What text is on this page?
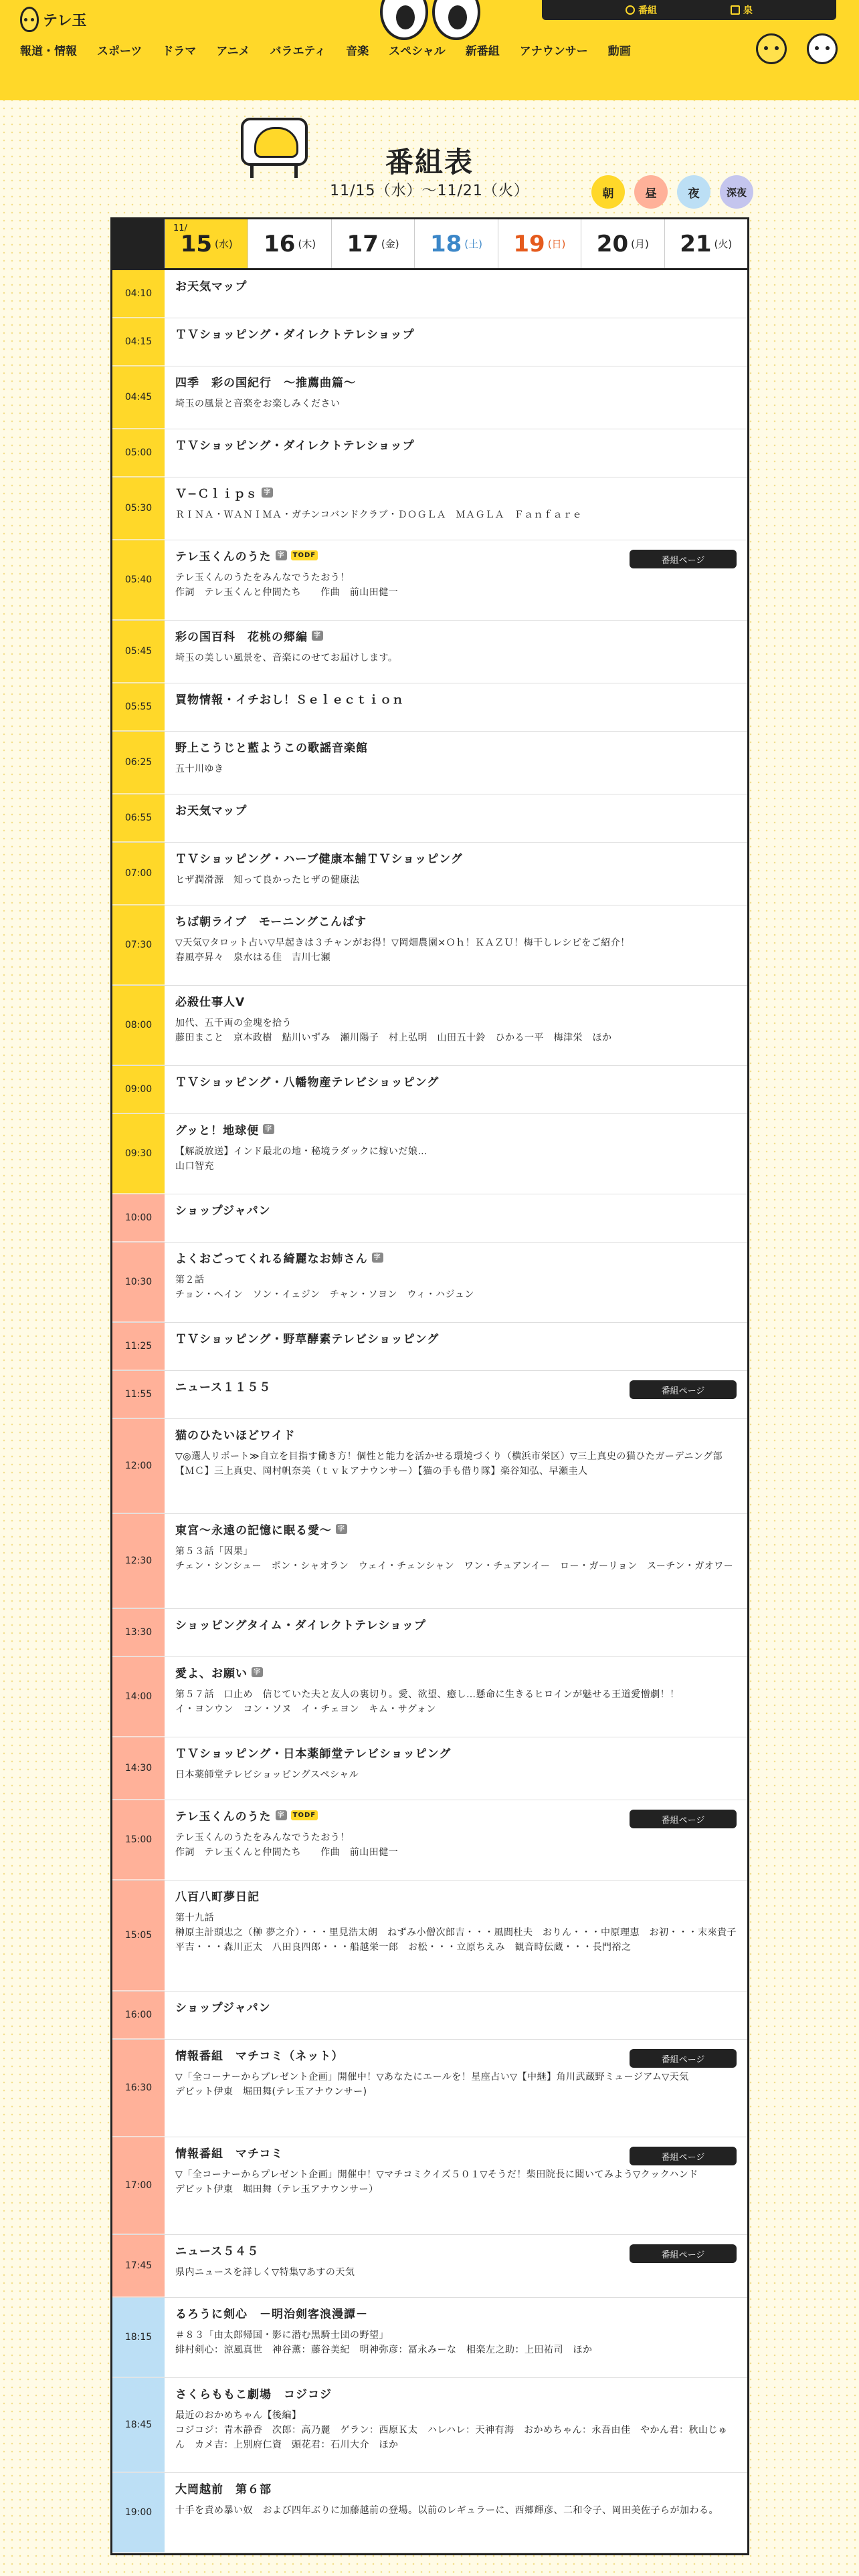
テレ玉
番組	泉
報道・情報	スポーツ	ドラマ	アニメ	バラエティ	音楽	スペシャル	新番組	アナウンサー	動画
番組表
11/15（水）〜11/21（火）	朝	昼	夜	深夜
11/
15 (水) 16 (木) 17 (金) 18 (土) 19 (日) 20 (月) 21 (火)
04:10	お天気マップ
04:15	ＴＶショッピング・ダイレクトテレショップ
04:45
四季　彩の国紀行　〜推薦曲篇〜
埼玉の風景と音楽をお楽しみください
05:00	ＴＶショッピング・ダイレクトテレショップ
05:30
Ｖ−Ｃｌｉｐｓ 字
ＲＩＮＡ・ＷＡＮＩＭＡ・ガチンコバンドクラブ・ＤＯＧＬＡ　ＭＡＧＬＡ　Ｆａｎｆａｒｅ
05:40
テレ玉くんのうた 字	TODF
テレ玉くんのうたをみんなでうたおう！
作詞　テレ玉くんと仲間たち　　作曲　前山田健一
番組ページ
05:45
彩の国百科　花桃の郷編 字
埼玉の美しい風景を、音楽にのせてお届けします。
05:55	買物情報・イチおし！Ｓｅｌｅｃｔｉｏｎ
06:25
野上こうじと藍ようこの歌謡音楽館
五十川ゆき
06:55	お天気マップ
07:00
ＴＶショッピング・ハーブ健康本舗ＴＶショッピング
ヒザ潤滑源　知って良かったヒザの健康法
07:30
ちば朝ライブ　モーニングこんぱす
▽天気▽タロット占い▽早起きは３チャンがお得！▽岡畑農園×Ｏｈ！ＫＡＺＵ！梅干しレシピをご紹介！
春風亭昇々　泉水はる佳　吉川七瀬
08:00
必殺仕事人Ⅴ
加代、五千両の金塊を拾う
藤田まこと　京本政樹　鮎川いずみ　瀬川陽子　村上弘明　山田五十鈴　ひかる一平　梅津栄　ほか
09:00	ＴＶショッピング・八幡物産テレビショッピング
09:30
グッと！地球便 字
【解説放送】インド最北の地・秘境ラダックに嫁いだ娘…
山口智充
10:00	ショップジャパン
10:30
よくおごってくれる綺麗なお姉さん 字
第２話
チョン・ヘイン　ソン・イェジン　チャン・ソヨン　ウィ・ハジュン
11:25	ＴＶショッピング・野草酵素テレビショッピング
11:55	ニュース１１５５	番組ページ
12:00
猫のひたいほどワイド
▽◎選人リポート≫自立を目指す働き方！個性と能力を活かせる環境づくり（横浜市栄区）▽三上真史の猫ひたガーデニング部
【ＭＣ】三上真史、岡村帆奈美（ｔｖｋアナウンサー）【猫の手も借り隊】楽谷知弘、早瀬圭人
12:30
東宮〜永遠の記憶に眠る愛〜 字
第５３話「因果」
チェン・シンシュー　ポン・シャオラン　ウェイ・チェンシャン　ワン・チュアンイー　ロー・ガーリョン　スーチン・ガオワー
13:30	ショッピングタイム・ダイレクトテレショップ
14:00
愛よ、お願い 字
第５７話　口止め　信じていた夫と友人の裏切り。愛、欲望、癒し…懸命に生きるヒロインが魅せる王道愛憎劇！！
イ・ヨンウン　コン・ソヌ　イ・チェヨン　キム・サグォン
14:30
ＴＶショッピング・日本薬師堂テレビショッピング
日本薬師堂テレビショッピングスペシャル
15:00
テレ玉くんのうた 字	TODF
テレ玉くんのうたをみんなでうたおう！
作詞　テレ玉くんと仲間たち　　作曲　前山田健一
番組ページ
15:05
八百八町夢日記
第十九話
榊原主計頭忠之（榊 夢之介）・・・里見浩太朗　ねずみ小僧次郎吉・・・風間杜夫　おりん・・・中原理恵　お初・・・末來貴子　平吉・・・森川正太　八田良四郎・・・船越栄一郎　お松・・・立原ちえみ　観音時伝蔵・・・長門裕之
16:00	ショップジャパン
16:30
情報番組　マチコミ（ネット）
▽「全コーナーからプレゼント企画」開催中！▽あなたにエールを！星座占い▽【中継】角川武蔵野ミュージアム▽天気
デビット伊東　堀田舞(テレ玉アナウンサー)
番組ページ
17:00
情報番組　マチコミ
▽「全コーナーからプレゼント企画」開催中！▽マチコミクイズ５０１▽そうだ！柴田院長に聞いてみよう▽クックハンド
デビット伊東　堀田舞（テレ玉アナウンサー）
番組ページ
17:45
ニュース５４５
県内ニュースを詳しく▽特集▽あすの天気
番組ページ
18:15
るろうに剣心　－明治剣客浪漫譚－
＃８３「由太郎帰国・影に潜む黒騎士団の野望」
緋村剣心：涼風真世　神谷薫：藤谷美紀　明神弥彦：冨永みーな　相楽左之助：上田祐司　ほか
18:45
さくらももこ劇場　コジコジ
最近のおかめちゃん【後編】
コジコジ：青木静香　次郎：高乃麗　ゲラン：西原Ｋ太　ハレハレ：天神有海　おかめちゃん：永吾由佳　やかん君：秋山じゅん　カメ吉：上別府仁資　頭花君：石川大介　ほか
19:00
大岡越前　第６部
十手を責め暴い奴　および四年ぶりに加藤越前の登場。以前のレギュラーに、西郷輝彦、二和令子、岡田美佐子らが加わる。
